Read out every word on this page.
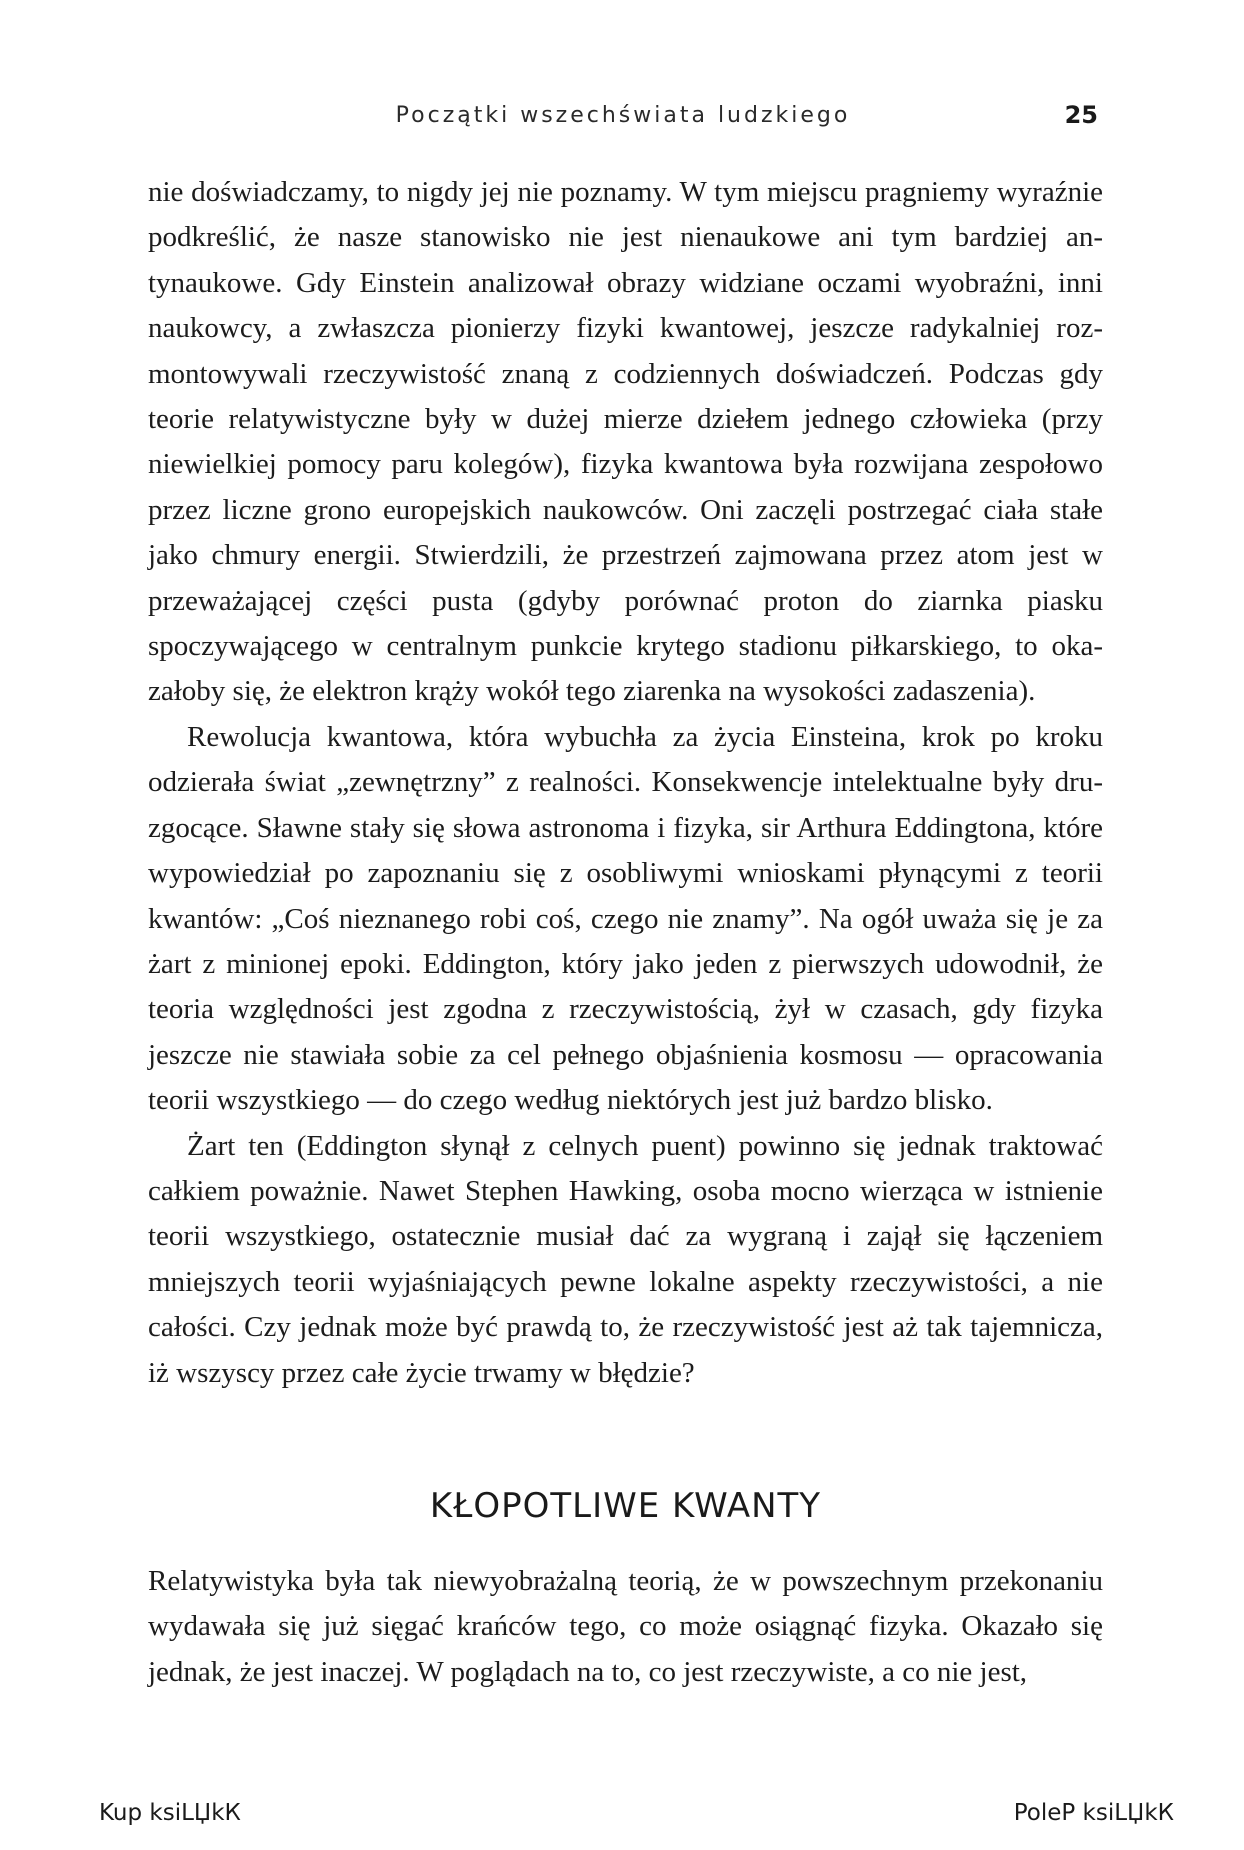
Początki wszechświata ludzkiego	25

nie doświadczamy, to nigdy jej nie poznamy. W tym miejscu pragniemy wyraźnie podkreślić, że nasze stanowisko nie jest nienaukowe ani tym bardziej antynaukowe. Gdy Einstein analizował obrazy widziane oczami wyobraźni, inni naukowcy, a zwłaszcza pionierzy fizyki kwantowej, jeszcze radykalniej rozmontowywali rzeczywistość znaną z codziennych doświadczeń. Podczas gdy teorie relatywistyczne były w dużej mierze dziełem jednego człowieka (przy niewielkiej pomocy paru kolegów), fizyka kwantowa była rozwijana zespołowo przez liczne grono europejskich naukowców. Oni zaczęli postrzegać ciała stałe jako chmury energii. Stwierdzili, że przestrzeń zajmowana przez atom jest w przeważającej części pusta (gdyby porównać proton do ziarnka piasku spoczywającego w centralnym punkcie krytego stadionu piłkarskiego, to okazałoby się, że elektron krąży wokół tego ziarenka na wysokości zadaszenia).

Rewolucja kwantowa, która wybuchła za życia Einsteina, krok po kroku odzierała świat „zewnętrzny” z realności. Konsekwencje intelektualne były druzgocące. Sławne stały się słowa astronoma i fizyka, sir Arthura Eddingtona, które wypowiedział po zapoznaniu się z osobliwymi wnioskami płynącymi z teorii kwantów: „Coś nieznanego robi coś, czego nie znamy”. Na ogół uważa się je za żart z minionej epoki. Eddington, który jako jeden z pierwszych udowodnił, że teoria względności jest zgodna z rzeczywistością, żył w czasach, gdy fizyka jeszcze nie stawiała sobie za cel pełnego objaśnienia kosmosu — opracowania teorii wszystkiego — do czego według niektórych jest już bardzo blisko.

Żart ten (Eddington słynął z celnych puent) powinno się jednak traktować całkiem poważnie. Nawet Stephen Hawking, osoba mocno wierząca w istnienie teorii wszystkiego, ostatecznie musiał dać za wygraną i zajął się łączeniem mniejszych teorii wyjaśniających pewne lokalne aspekty rzeczywistości, a nie całości. Czy jednak może być prawdą to, że rzeczywistość jest aż tak tajemnicza, iż wszyscy przez całe życie trwamy w błędzie?

KŁOPOTLIWE KWANTY

Relatywistyka była tak niewyobrażalną teorią, że w powszechnym przekonaniu wydawała się już sięgać krańców tego, co może osiągnąć fizyka. Okazało się jednak, że jest inaczej. W poglądach na to, co jest rzeczywiste, a co nie jest,

Kup ksiLЏkК	PoleР ksiLЏkК
